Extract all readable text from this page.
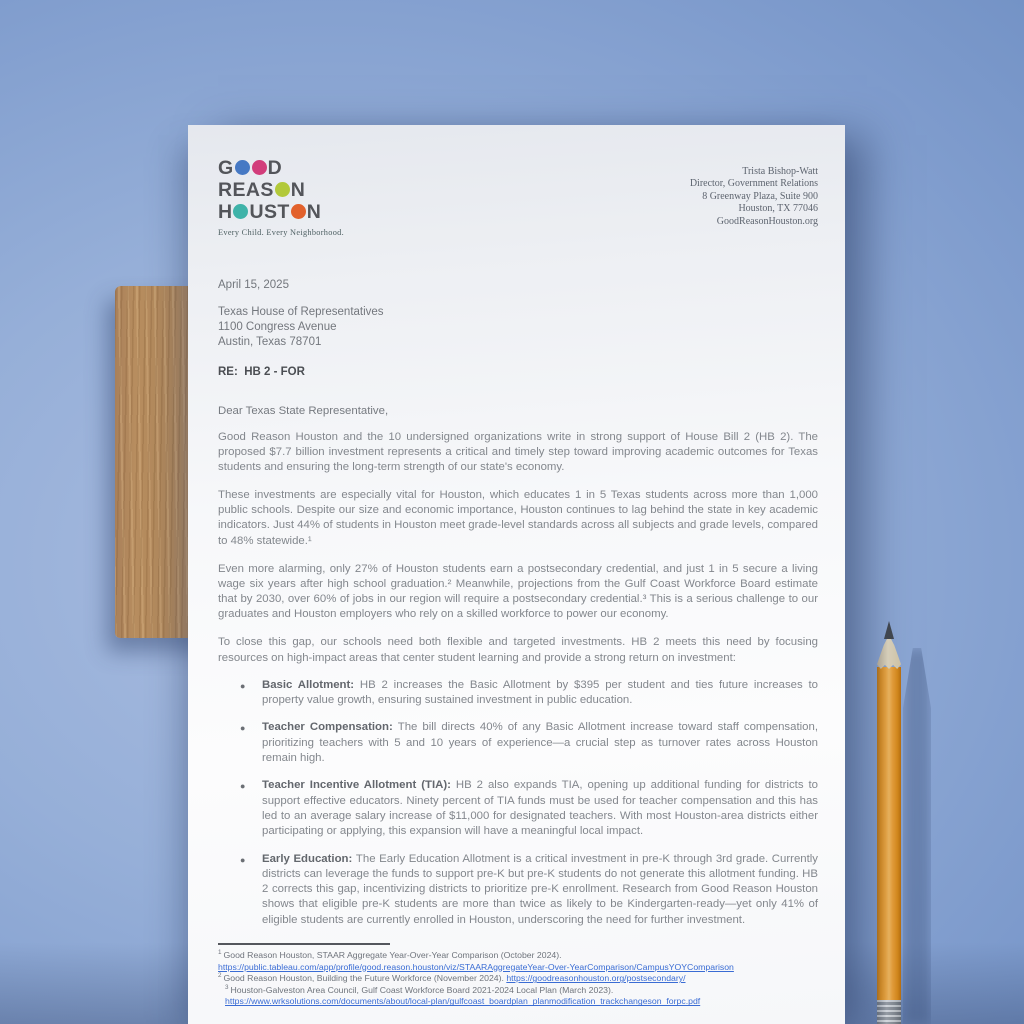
G D
REAS N
H UST N
Every Child. Every Neighborhood.
Trista Bishop-Watt
Director, Government Relations
8 Greenway Plaza, Suite 900
Houston, TX 77046
GoodReasonHouston.org
April 15, 2025
Texas House of Representatives
1100 Congress Avenue
Austin, Texas 78701
RE:  HB 2 - FOR
Dear Texas State Representative,

Good Reason Houston and the 10 undersigned organizations write in strong support of House Bill 2 (HB 2). The proposed $7.7 billion investment represents a critical and timely step toward improving academic outcomes for Texas students and ensuring the long-term strength of our state's economy.

These investments are especially vital for Houston, which educates 1 in 5 Texas students across more than 1,000 public schools. Despite our size and economic importance, Houston continues to lag behind the state in key academic indicators. Just 44% of students in Houston meet grade-level standards across all subjects and grade levels, compared to 48% statewide.¹

Even more alarming, only 27% of Houston students earn a postsecondary credential, and just 1 in 5 secure a living wage six years after high school graduation.² Meanwhile, projections from the Gulf Coast Workforce Board estimate that by 2030, over 60% of jobs in our region will require a postsecondary credential.³ This is a serious challenge to our graduates and Houston employers who rely on a skilled workforce to power our economy.

To close this gap, our schools need both flexible and targeted investments. HB 2 meets this need by focusing resources on high-impact areas that center student learning and provide a strong return on investment:

● Basic Allotment: HB 2 increases the Basic Allotment by $395 per student and ties future increases to property value growth, ensuring sustained investment in public education.
● Teacher Compensation: The bill directs 40% of any Basic Allotment increase toward staff compensation, prioritizing teachers with 5 and 10 years of experience—a crucial step as turnover rates across Houston remain high.
● Teacher Incentive Allotment (TIA): HB 2 also expands TIA, opening up additional funding for districts to support effective educators. Ninety percent of TIA funds must be used for teacher compensation and this has led to an average salary increase of $11,000 for designated teachers. With most Houston-area districts either participating or applying, this expansion will have a meaningful local impact.
● Early Education: The Early Education Allotment is a critical investment in pre-K through 3rd grade. Currently districts can leverage the funds to support pre-K but pre-K students do not generate this allotment funding. HB 2 corrects this gap, incentivizing districts to prioritize pre-K enrollment. Research from Good Reason Houston shows that eligible pre-K students are more than twice as likely to be Kindergarten-ready—yet only 41% of eligible students are currently enrolled in Houston, underscoring the need for further investment.
$^1$ Good Reason Houston, STAAR Aggregate Year-Over-Year Comparison (October 2024).
https://public.tableau.com/app/profile/good.reason.houston/viz/STAARAggregateYear-Over-YearComparison/CampusYOYComparison
$^2$ Good Reason Houston, Building the Future Workforce (November 2024). https://goodreasonhouston.org/postsecondary/
$^3$ Houston-Galveston Area Council, Gulf Coast Workforce Board 2021-2024 Local Plan (March 2023).
https://www.wrksolutions.com/documents/about/local-plan/gulfcoast_boardplan_planmodification_trackchangeson_forpc.pdf
